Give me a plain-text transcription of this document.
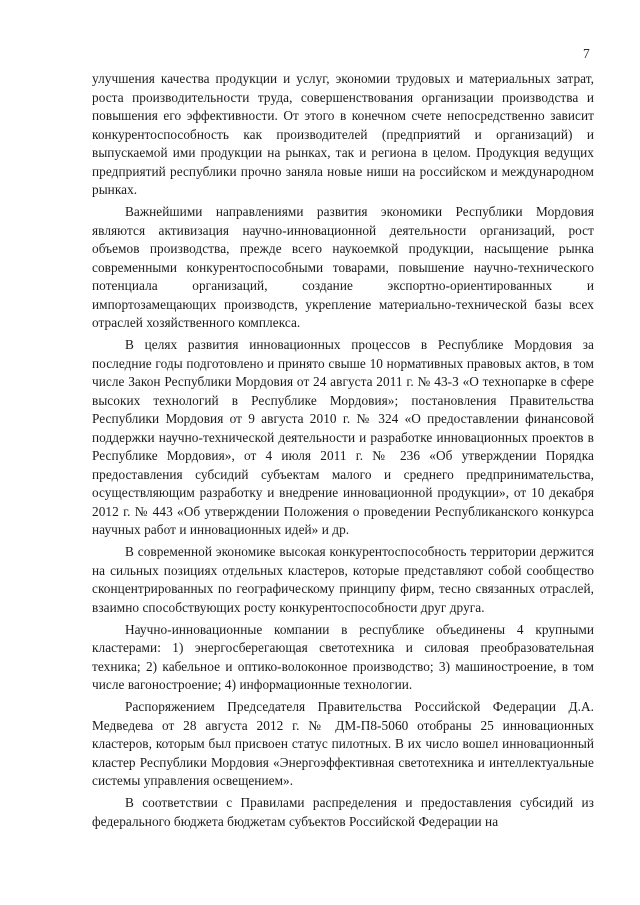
7

улучшения качества продукции и услуг, экономии трудовых и материальных затрат, роста производительности труда, совершенствования организации производства и повышения его эффективности. От этого в конечном счете непосредственно зависит конкурентоспособность как производителей (предприятий и организаций) и выпускаемой ими продукции на рынках, так и региона в целом. Продукция ведущих предприятий республики прочно заняла новые ниши на российском и международном рынках.

Важнейшими направлениями развития экономики Республики Мордовия являются активизация научно-инновационной деятельности организаций, рост объемов производства, прежде всего наукоемкой продукции, насыщение рынка современными конкурентоспособными товарами, повышение научно-технического потенциала организаций, создание экспортно-ориентированных и импортозамещающих производств, укрепление материально-технической базы всех отраслей хозяйственного комплекса.

В целях развития инновационных процессов в Республике Мордовия за последние годы подготовлено и принято свыше 10 нормативных правовых актов, в том числе Закон Республики Мордовия от 24 августа 2011 г. № 43-З «О технопарке в сфере высоких технологий в Республике Мордовия»; постановления Правительства Республики Мордовия от 9 августа 2010 г. № 324 «О предоставлении финансовой поддержки научно-технической деятельности и разработке инновационных проектов в Республике Мордовия», от 4 июля 2011 г. № 236 «Об утверждении Порядка предоставления субсидий субъектам малого и среднего предпринимательства, осуществляющим разработку и внедрение инновационной продукции», от 10 декабря 2012 г. № 443 «Об утверждении Положения о проведении Республиканского конкурса научных работ и инновационных идей» и др.

В современной экономике высокая конкурентоспособность территории держится на сильных позициях отдельных кластеров, которые представляют собой сообщество сконцентрированных по географическому принципу фирм, тесно связанных отраслей, взаимно способствующих росту конкурентоспособности друг друга.

Научно-инновационные компании в республике объединены 4 крупными кластерами: 1) энергосберегающая светотехника и силовая преобразовательная техника; 2) кабельное и оптико-волоконное производство; 3) машиностроение, в том числе вагоностроение; 4) информационные технологии.

Распоряжением Председателя Правительства Российской Федерации Д.А. Медведева от 28 августа 2012 г. № ДМ-П8-5060 отобраны 25 инновационных кластеров, которым был присвоен статус пилотных. В их число вошел инновационный кластер Республики Мордовия «Энергоэффективная светотехника и интеллектуальные системы управления освещением».

В соответствии с Правилами распределения и предоставления субсидий из федерального бюджета бюджетам субъектов Российской Федерации на
